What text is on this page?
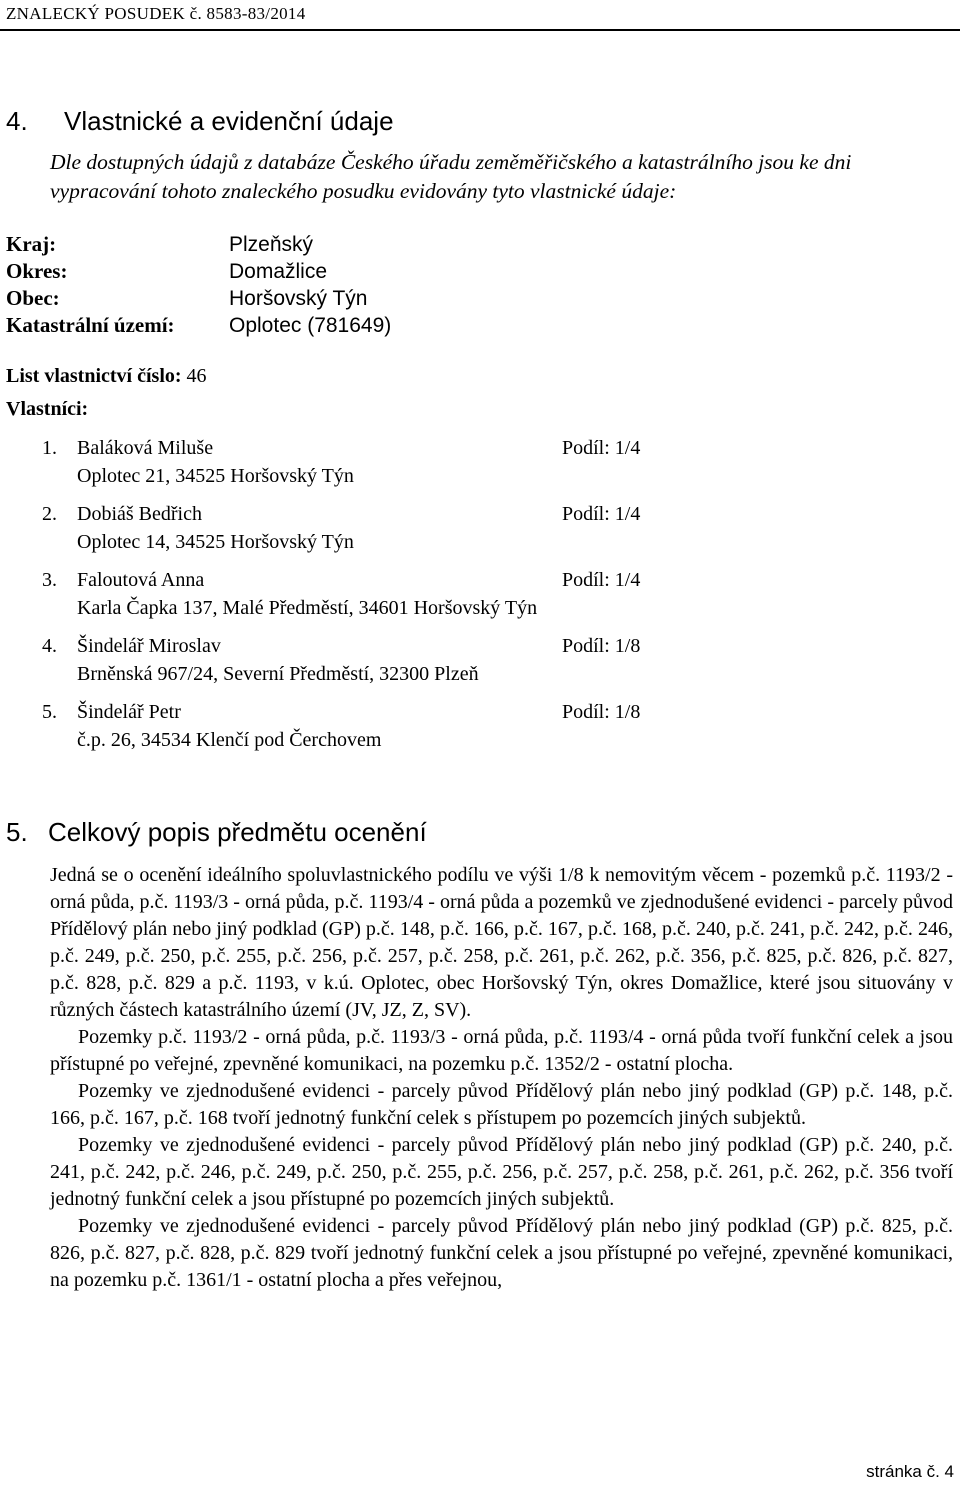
ZNALECKÝ POSUDEK č. 8583-83/2014
4. Vlastnické a evidenční údaje
Dle dostupných údajů z databáze Českého úřadu zeměměřičského a katastrálního jsou ke dni vypracování tohoto znaleckého posudku evidovány tyto vlastnické údaje:
Kraj:	Plzeňský
Okres:	Domažlice
Obec:	Horšovský Týn
Katastrální území:	Oplotec (781649)
List vlastnictví číslo: 46
Vlastníci:
1. Baláková Miluše	Podíl: 1/4
Oplotec 21, 34525 Horšovský Týn
2. Dobiáš Bedřich	Podíl: 1/4
Oplotec 14, 34525 Horšovský Týn
3. Faloutová Anna	Podíl: 1/4
Karla Čapka 137, Malé Předměstí, 34601 Horšovský Týn
4. Šindelář Miroslav	Podíl: 1/8
Brněnská 967/24, Severní Předměstí, 32300 Plzeň
5. Šindelář Petr	Podíl: 1/8
č.p. 26, 34534 Klenčí pod Čerchovem
5. Celkový popis předmětu ocenění

Jedná se o ocenění ideálního spoluvlastnického podílu ve výši 1/8 k nemovitým věcem - pozemků p.č. 1193/2 - orná půda, p.č. 1193/3 - orná půda, p.č. 1193/4 - orná půda a pozemků ve zjednodušené evidenci - parcely původ Přídělový plán nebo jiný podklad (GP) p.č. 148, p.č. 166, p.č. 167, p.č. 168, p.č. 240, p.č. 241, p.č. 242, p.č. 246, p.č. 249, p.č. 250, p.č. 255, p.č. 256, p.č. 257, p.č. 258, p.č. 261, p.č. 262, p.č. 356, p.č. 825, p.č. 826, p.č. 827, p.č. 828, p.č. 829 a p.č. 1193, v k.ú. Oplotec, obec Horšovský Týn, okres Domažlice, které jsou situovány v různých částech katastrálního území (JV, JZ, Z, SV).

Pozemky p.č. 1193/2 - orná půda, p.č. 1193/3 - orná půda, p.č. 1193/4 - orná půda tvoří funkční celek a jsou přístupné po veřejné, zpevněné komunikaci, na pozemku p.č. 1352/2 - ostatní plocha.

Pozemky ve zjednodušené evidenci - parcely původ Přídělový plán nebo jiný podklad (GP) p.č. 148, p.č. 166, p.č. 167, p.č. 168 tvoří jednotný funkční celek s přístupem po pozemcích jiných subjektů.

Pozemky ve zjednodušené evidenci - parcely původ Přídělový plán nebo jiný podklad (GP) p.č. 240, p.č. 241, p.č. 242, p.č. 246, p.č. 249, p.č. 250, p.č. 255, p.č. 256, p.č. 257, p.č. 258, p.č. 261, p.č. 262, p.č. 356 tvoří jednotný funkční celek a jsou přístupné po pozemcích jiných subjektů.

Pozemky ve zjednodušené evidenci - parcely původ Přídělový plán nebo jiný podklad (GP) p.č. 825, p.č. 826, p.č. 827, p.č. 828, p.č. 829 tvoří jednotný funkční celek a jsou přístupné po veřejné, zpevněné komunikaci, na pozemku p.č. 1361/1 - ostatní plocha a přes veřejnou,

stránka č. 4
